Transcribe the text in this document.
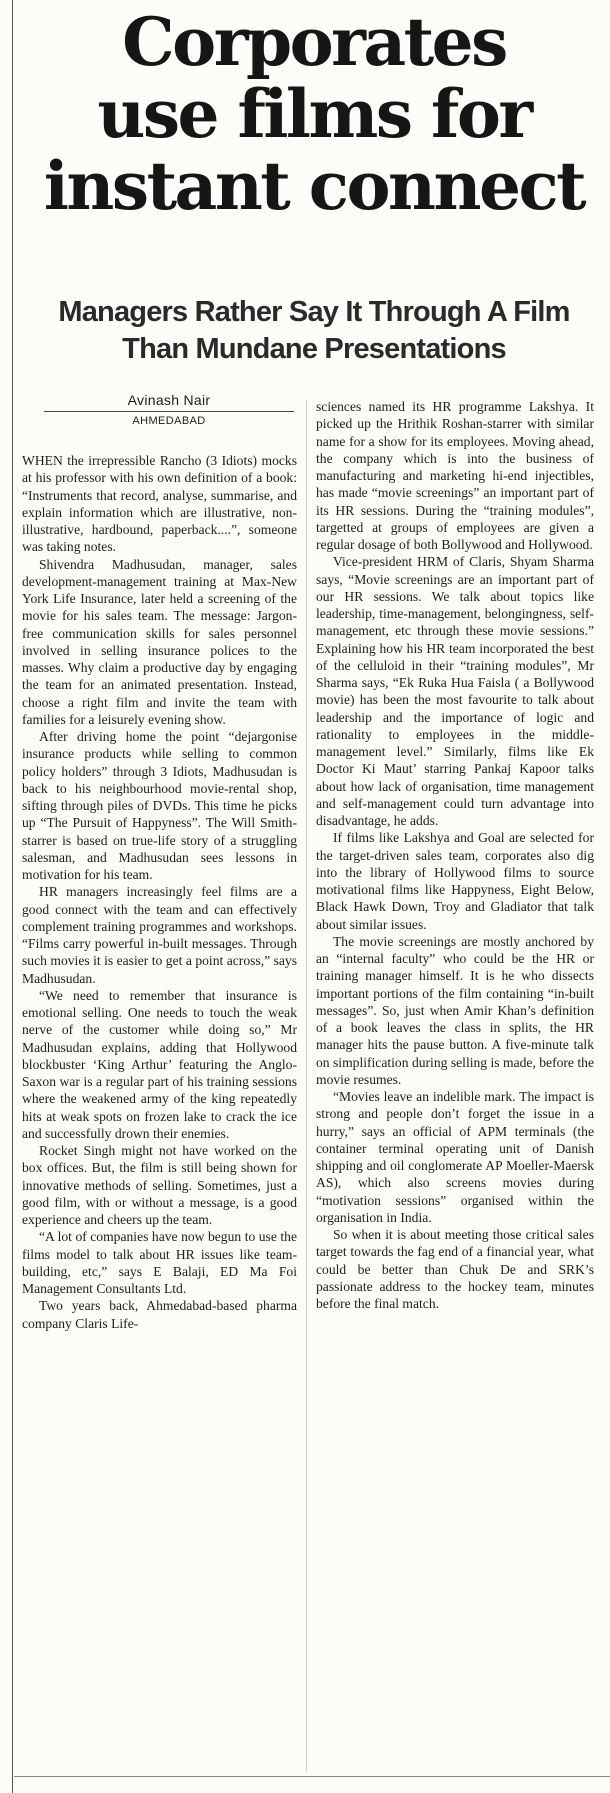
Corporates
use films for
instant connect
Managers Rather Say It Through A Film
Than Mundane Presentations
Avinash Nair
AHMEDABAD

WHEN the irrepressible Rancho (3 Idiots) mocks at his professor with his own definition of a book: “Instruments that record, analyse, summarise, and explain information which are illustrative, non-illustrative, hardbound, paperback....”, someone was taking notes.

Shivendra Madhusudan, manager, sales development-management training at Max-New York Life Insurance, later held a screening of the movie for his sales team. The message: Jargon-free communication skills for sales personnel involved in selling insurance polices to the masses. Why claim a productive day by engaging the team for an animated presentation. Instead, choose a right film and invite the team with families for a leisurely evening show.

After driving home the point “dejargonise insurance products while selling to common policy holders” through 3 Idiots, Madhusudan is back to his neighbourhood movie-rental shop, sifting through piles of DVDs. This time he picks up “The Pursuit of Happyness”. The Will Smith-starrer is based on true-life story of a struggling salesman, and Madhusudan sees lessons in motivation for his team.

HR managers increasingly feel films are a good connect with the team and can effectively complement training programmes and workshops. “Films carry powerful in-built messages. Through such movies it is easier to get a point across,” says Madhusudan.

“We need to remember that insurance is emotional selling. One needs to touch the weak nerve of the customer while doing so,” Mr Madhusudan explains, adding that Hollywood blockbuster ‘King Arthur’ featuring the Anglo-Saxon war is a regular part of his training sessions where the weakened army of the king repeatedly hits at weak spots on frozen lake to crack the ice and successfully drown their enemies.

Rocket Singh might not have worked on the box offices. But, the film is still being shown for innovative methods of selling. Sometimes, just a good film, with or without a message, is a good experience and cheers up the team.

“A lot of companies have now begun to use the films model to talk about HR issues like team-building, etc,” says E Balaji, ED Ma Foi Management Consultants Ltd.

Two years back, Ahmedabad-based pharma company Claris Life-

sciences named its HR programme Lakshya. It picked up the Hrithik Roshan-starrer with similar name for a show for its employees. Moving ahead, the company which is into the business of manufacturing and marketing hi-end injectibles, has made “movie screenings” an important part of its HR sessions. During the “training modules”, targetted at groups of employees are given a regular dosage of both Bollywood and Hollywood.

Vice-president HRM of Claris, Shyam Sharma says, “Movie screenings are an important part of our HR sessions. We talk about topics like leadership, time-management, belongingness, self-management, etc through these movie sessions.” Explaining how his HR team incorporated the best of the celluloid in their “training modules”, Mr Sharma says, “Ek Ruka Hua Faisla ( a Bollywood movie) has been the most favourite to talk about leadership and the importance of logic and rationality to employees in the middle-management level.” Similarly, films like Ek Doctor Ki Maut’ starring Pankaj Kapoor talks about how lack of organisation, time management and self-management could turn advantage into disadvantage, he adds.

If films like Lakshya and Goal are selected for the target-driven sales team, corporates also dig into the library of Hollywood films to source motivational films like Happyness, Eight Below, Black Hawk Down, Troy and Gladiator that talk about similar issues.

The movie screenings are mostly anchored by an “internal faculty” who could be the HR or training manager himself. It is he who dissects important portions of the film containing “in-built messages”. So, just when Amir Khan’s definition of a book leaves the class in splits, the HR manager hits the pause button. A five-minute talk on simplification during selling is made, before the movie resumes.

“Movies leave an indelible mark. The impact is strong and people don’t forget the issue in a hurry,” says an official of APM terminals (the container terminal operating unit of Danish shipping and oil conglomerate AP Moeller-Maersk AS), which also screens movies during “motivation sessions” organised within the organisation in India.

So when it is about meeting those critical sales target towards the fag end of a financial year, what could be better than Chuk De and SRK’s passionate address to the hockey team, minutes before the final match.
